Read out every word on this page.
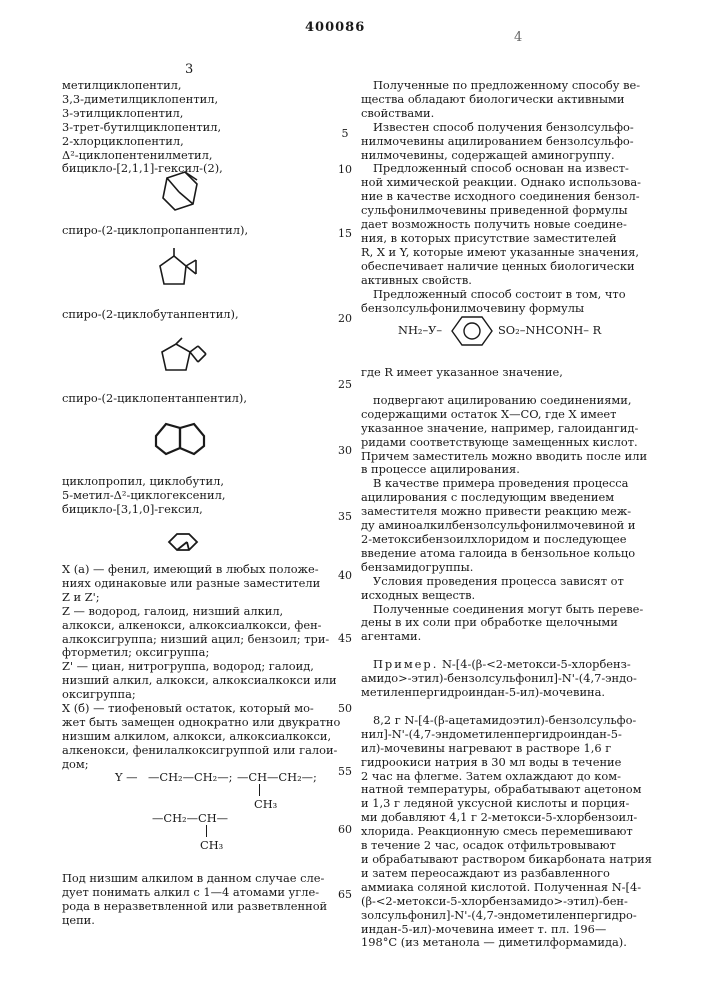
400086
3
4
5
10
15
20
25
30
35
40
45
50
55
60
65

метилциклопентил,

3,3-диметилциклопентил,

3-этилциклопентил,

3-трет-бутилциклопентил,

2-хлорциклопентил,

Δ²-циклопентенилметил,

бицикло-[2,1,1]-гексил-(2),

спиро-(2-циклопропанпентил),
спиро-(2-циклобутанпентил),
спиро-(2-циклопентанпентил),

циклопропил, циклобутил,

5-метил-Δ²-циклогексенил,

бицикло-[3,1,0]-гексил,

X (а) — фенил, имеющий в любых положе-

ниях одинаковые или разные заместители

Z и Z';

Z — водород, галоид, низший алкил,

алкокси, алкенокси, алкоксиалкокси, фен-

алкоксигруппа; низший ацил; бензоил; три-

фторметил; оксигруппа;

Z' — циан, нитрогруппа, водород; галоид,

низший алкил, алкокси, алкоксиалкокси или

оксигруппа;

X (б) — тиофеновый остаток, который мо-

жет быть замещен однократно или двукратно

низшим алкилом, алкокси, алкоксиалкокси,

алкенокси, фенилалкоксигруппой или галои-

дом;

Y — —CH₂—CH₂—; —CH—CH₂—;
CH₃
—CH₂—CH—
CH₃

Под низшим алкилом в данном случае сле-

дует понимать алкил с 1—4 атомами угле-

рода в неразветвленной или разветвленной

цепи.

Полученные по предложенному способу ве-

щества обладают биологически активными

свойствами.

Известен способ получения бензолсульфо-

нилмочевины ацилированием бензолсульфо-

нилмочевины, содержащей аминогруппу.

Предложенный способ основан на извест-

ной химической реакции. Однако использова-

ние в качестве исходного соединения бензол-

сульфонилмочевины приведенной формулы

дает возможность получить новые соедине-

ния, в которых присутствие заместителей

R, X и Y, которые имеют указанные значения,

обеспечивает наличие ценных биологически

активных свойств.

Предложенный способ состоит в том, что

бензолсульфонилмочевину формулы

NH₂–У–	SO₂–NHCONH– R

где R имеет указанное значение,

подвергают ацилированию соединениями,

содержащими остаток X—CO, где X имеет

указанное значение, например, галоидангид-

ридами соответствующе замещенных кислот.

Причем заместитель можно вводить после или

в процессе ацилирования.

В качестве примера проведения процесса

ацилирования с последующим введением

заместителя можно привести реакцию меж-

ду аминоалкилбензолсульфонилмочевиной и

2-метоксибензоилхлоридом и последующее

введение атома галоида в бензольное кольцо

бензамидогруппы.

Условия проведения процесса зависят от

исходных веществ.

Полученные соединения могут быть переве-

дены в их соли при обработке щелочными

агентами.

Пример. N-[4-(β-<2-метокси-5-хлорбенз-

амидо>-этил)-бензолсульфонил]-N'-(4,7-эндо-

метиленпергидроиндан-5-ил)-мочевина.

8,2 г N-[4-(β-ацетамидоэтил)-бензолсульфо-

нил]-N'-(4,7-эндометиленпергидроиндан-5-

ил)-мочевины нагревают в растворе 1,6 г

гидроокиси натрия в 30 мл воды в течение

2 час на флегме. Затем охлаждают до ком-

натной температуры, обрабатывают ацетоном

и 1,3 г ледяной уксусной кислоты и порция-

ми добавляют 4,1 г 2-метокси-5-хлорбензоил-

хлорида. Реакционную смесь перемешивают

в течение 2 час, осадок отфильтровывают

и обрабатывают раствором бикарбоната натрия

и затем переосаждают из разбавленного

аммиака соляной кислотой. Полученная N-[4-

(β-<2-метокси-5-хлорбензамидо>-этил)-бен-

золсульфонил]-N'-(4,7-эндометиленпергидро-

индан-5-ил)-мочевина имеет т. пл. 196—

198°C (из метанола — диметилформамида).
